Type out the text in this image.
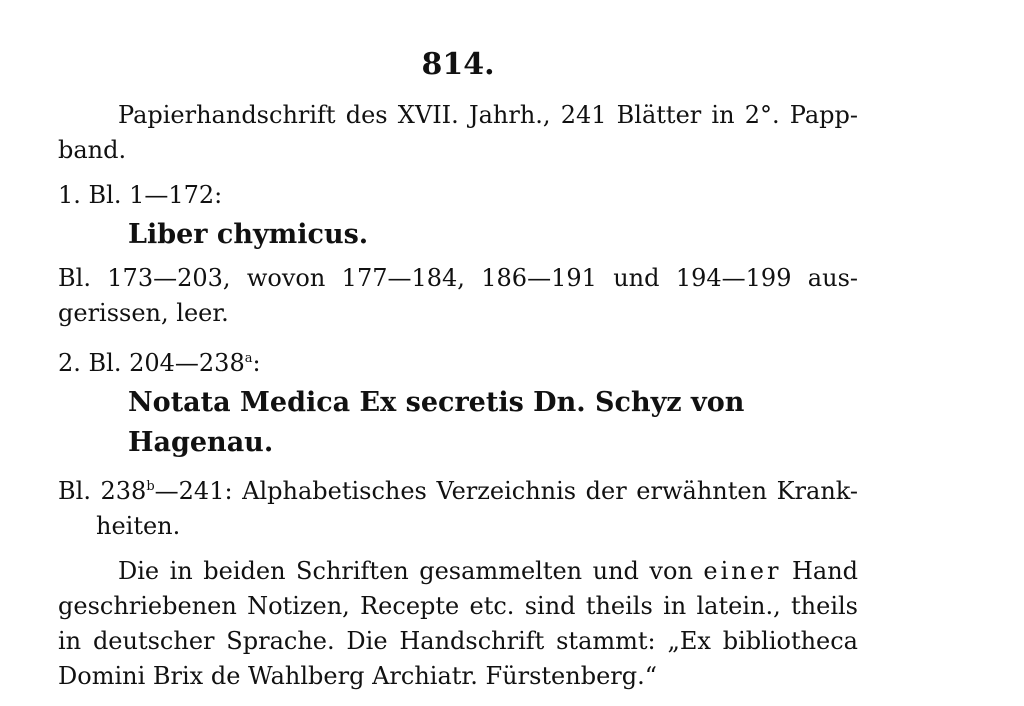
814.
Papierhandschrift des XVII. Jahrh., 241 Blätter in 2°. Papp-
band.
1. Bl. 1—172:
Liber chymicus.
Bl. 173—203, wovon 177—184, 186—191 und 194—199 aus-
gerissen, leer.
2. Bl. 204—238$^a$:
Notata Medica Ex secretis Dn. Schyz von Hagenau.
Bl. 238$^b$—241: Alphabetisches Verzeichnis der erwähnten Krank-
heiten.
Die in beiden Schriften gesammelten und von einer Hand
geschriebenen Notizen, Recepte etc. sind theils in latein., theils
in deutscher Sprache. Die Handschrift stammt: „Ex bibliotheca
Domini Brix de Wahlberg Archiatr. Fürstenberg.“
